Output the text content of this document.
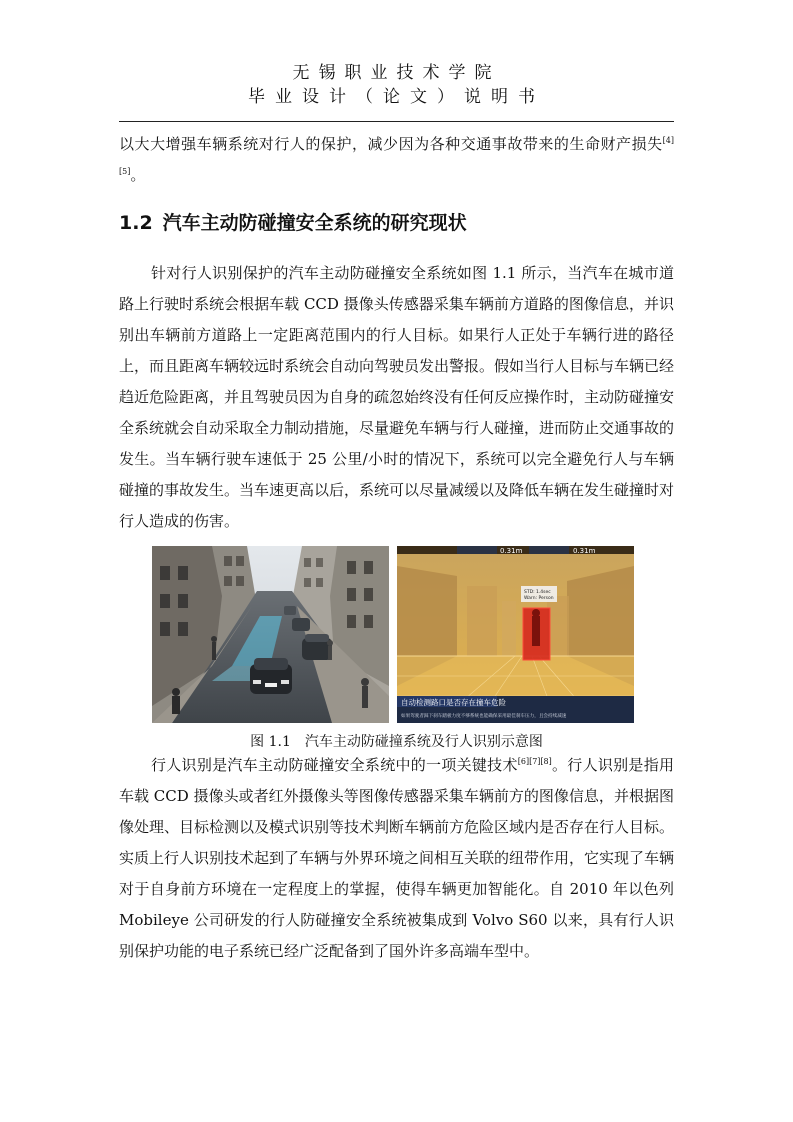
无锡职业技术学院
毕业设计（论文）说明书
以大大增强车辆系统对行人的保护，减少因为各种交通事故带来的生命财产损失[4][5]。
1.2 汽车主动防碰撞安全系统的研究现状
针对行人识别保护的汽车主动防碰撞安全系统如图 1.1 所示，当汽车在城市道路上行驶时系统会根据车载 CCD 摄像头传感器采集车辆前方道路的图像信息，并识别出车辆前方道路上一定距离范围内的行人目标。如果行人正处于车辆行进的路径上，而且距离车辆较远时系统会自动向驾驶员发出警报。假如当行人目标与车辆已经趋近危险距离，并且驾驶员因为自身的疏忽始终没有任何反应操作时，主动防碰撞安全系统就会自动采取全力制动措施，尽量避免车辆与行人碰撞，进而防止交通事故的发生。当车辆行驶车速低于 25 公里/小时的情况下，系统可以完全避免行人与车辆碰撞的事故发生。当车速更高以后，系统可以尽量减缓以及降低车辆在发生碰撞时对行人造成的伤害。
0.31m	0.31m
STD: 1.4sec
Warn: Person
自动检测路口是否存在撞车危险
如果驾驶者踩下刹车踏板力度不够系统也能确保采用最佳刹车压力，且会持续减速
图 1.1　汽车主动防碰撞系统及行人识别示意图
行人识别是汽车主动防碰撞安全系统中的一项关键技术[6][7][8]。行人识别是指用车载 CCD 摄像头或者红外摄像头等图像传感器采集车辆前方的图像信息，并根据图像处理、目标检测以及模式识别等技术判断车辆前方危险区域内是否存在行人目标。实质上行人识别技术起到了车辆与外界环境之间相互关联的纽带作用，它实现了车辆对于自身前方环境在一定程度上的掌握，使得车辆更加智能化。自 2010 年以色列 Mobileye 公司研发的行人防碰撞安全系统被集成到 Volvo S60 以来，具有行人识别保护功能的电子系统已经广泛配备到了国外许多高端车型中。
